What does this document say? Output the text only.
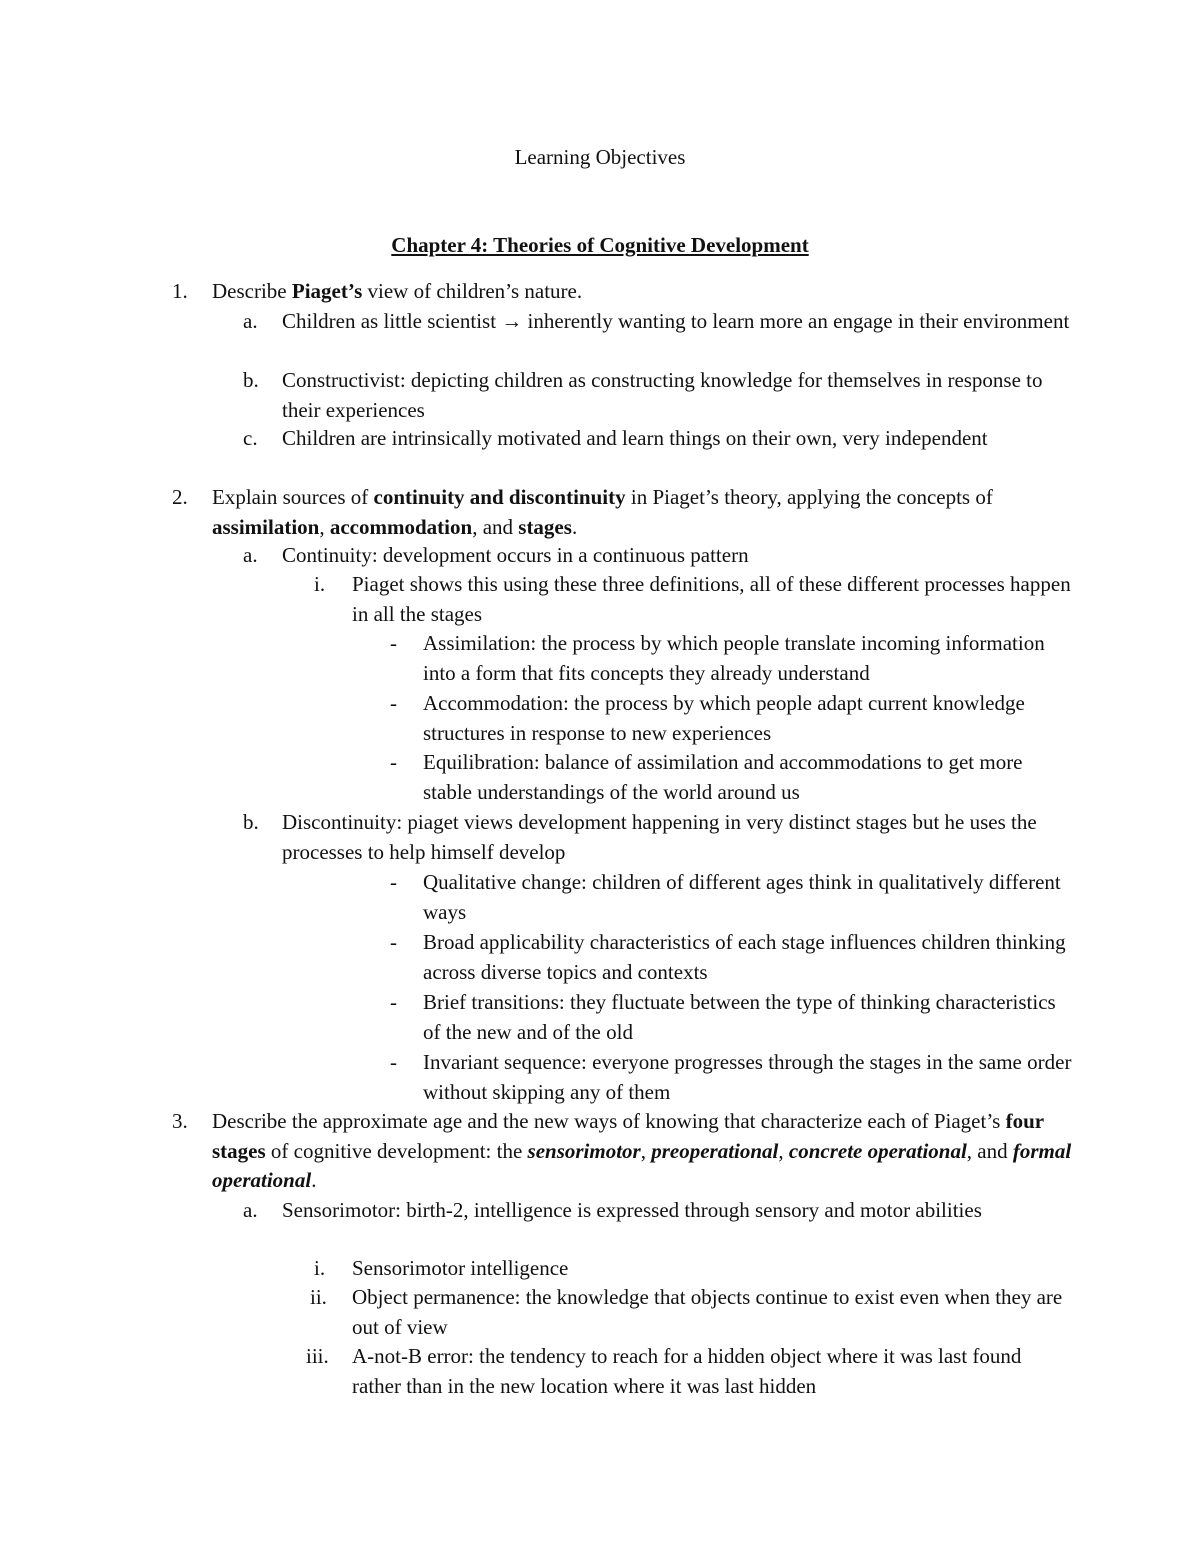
Learning Objectives
Chapter 4: Theories of Cognitive Development
1. Describe Piaget’s view of children’s nature.
a. Children as little scientist → inherently wanting to learn more an engage in their environment
b. Constructivist: depicting children as constructing knowledge for themselves in response to their experiences
c. Children are intrinsically motivated and learn things on their own, very independent
2. Explain sources of continuity and discontinuity in Piaget’s theory, applying the concepts of assimilation, accommodation, and stages.
a. Continuity: development occurs in a continuous pattern
i. Piaget shows this using these three definitions, all of these different processes happen in all the stages
- Assimilation: the process by which people translate incoming information into a form that fits concepts they already understand
- Accommodation: the process by which people adapt current knowledge structures in response to new experiences
- Equilibration: balance of assimilation and accommodations to get more stable understandings of the world around us
b. Discontinuity: piaget views development happening in very distinct stages but he uses the processes to help himself develop
- Qualitative change: children of different ages think in qualitatively different ways
- Broad applicability characteristics of each stage influences children thinking across diverse topics and contexts
- Brief transitions: they fluctuate between the type of thinking characteristics of the new and of the old
- Invariant sequence: everyone progresses through the stages in the same order without skipping any of them
3. Describe the approximate age and the new ways of knowing that characterize each of Piaget’s four stages of cognitive development: the sensorimotor, preoperational, concrete operational, and formal operational.
a. Sensorimotor: birth-2, intelligence is expressed through sensory and motor abilities
i. Sensorimotor intelligence
ii. Object permanence: the knowledge that objects continue to exist even when they are out of view
iii. A-not-B error: the tendency to reach for a hidden object where it was last found rather than in the new location where it was last hidden
